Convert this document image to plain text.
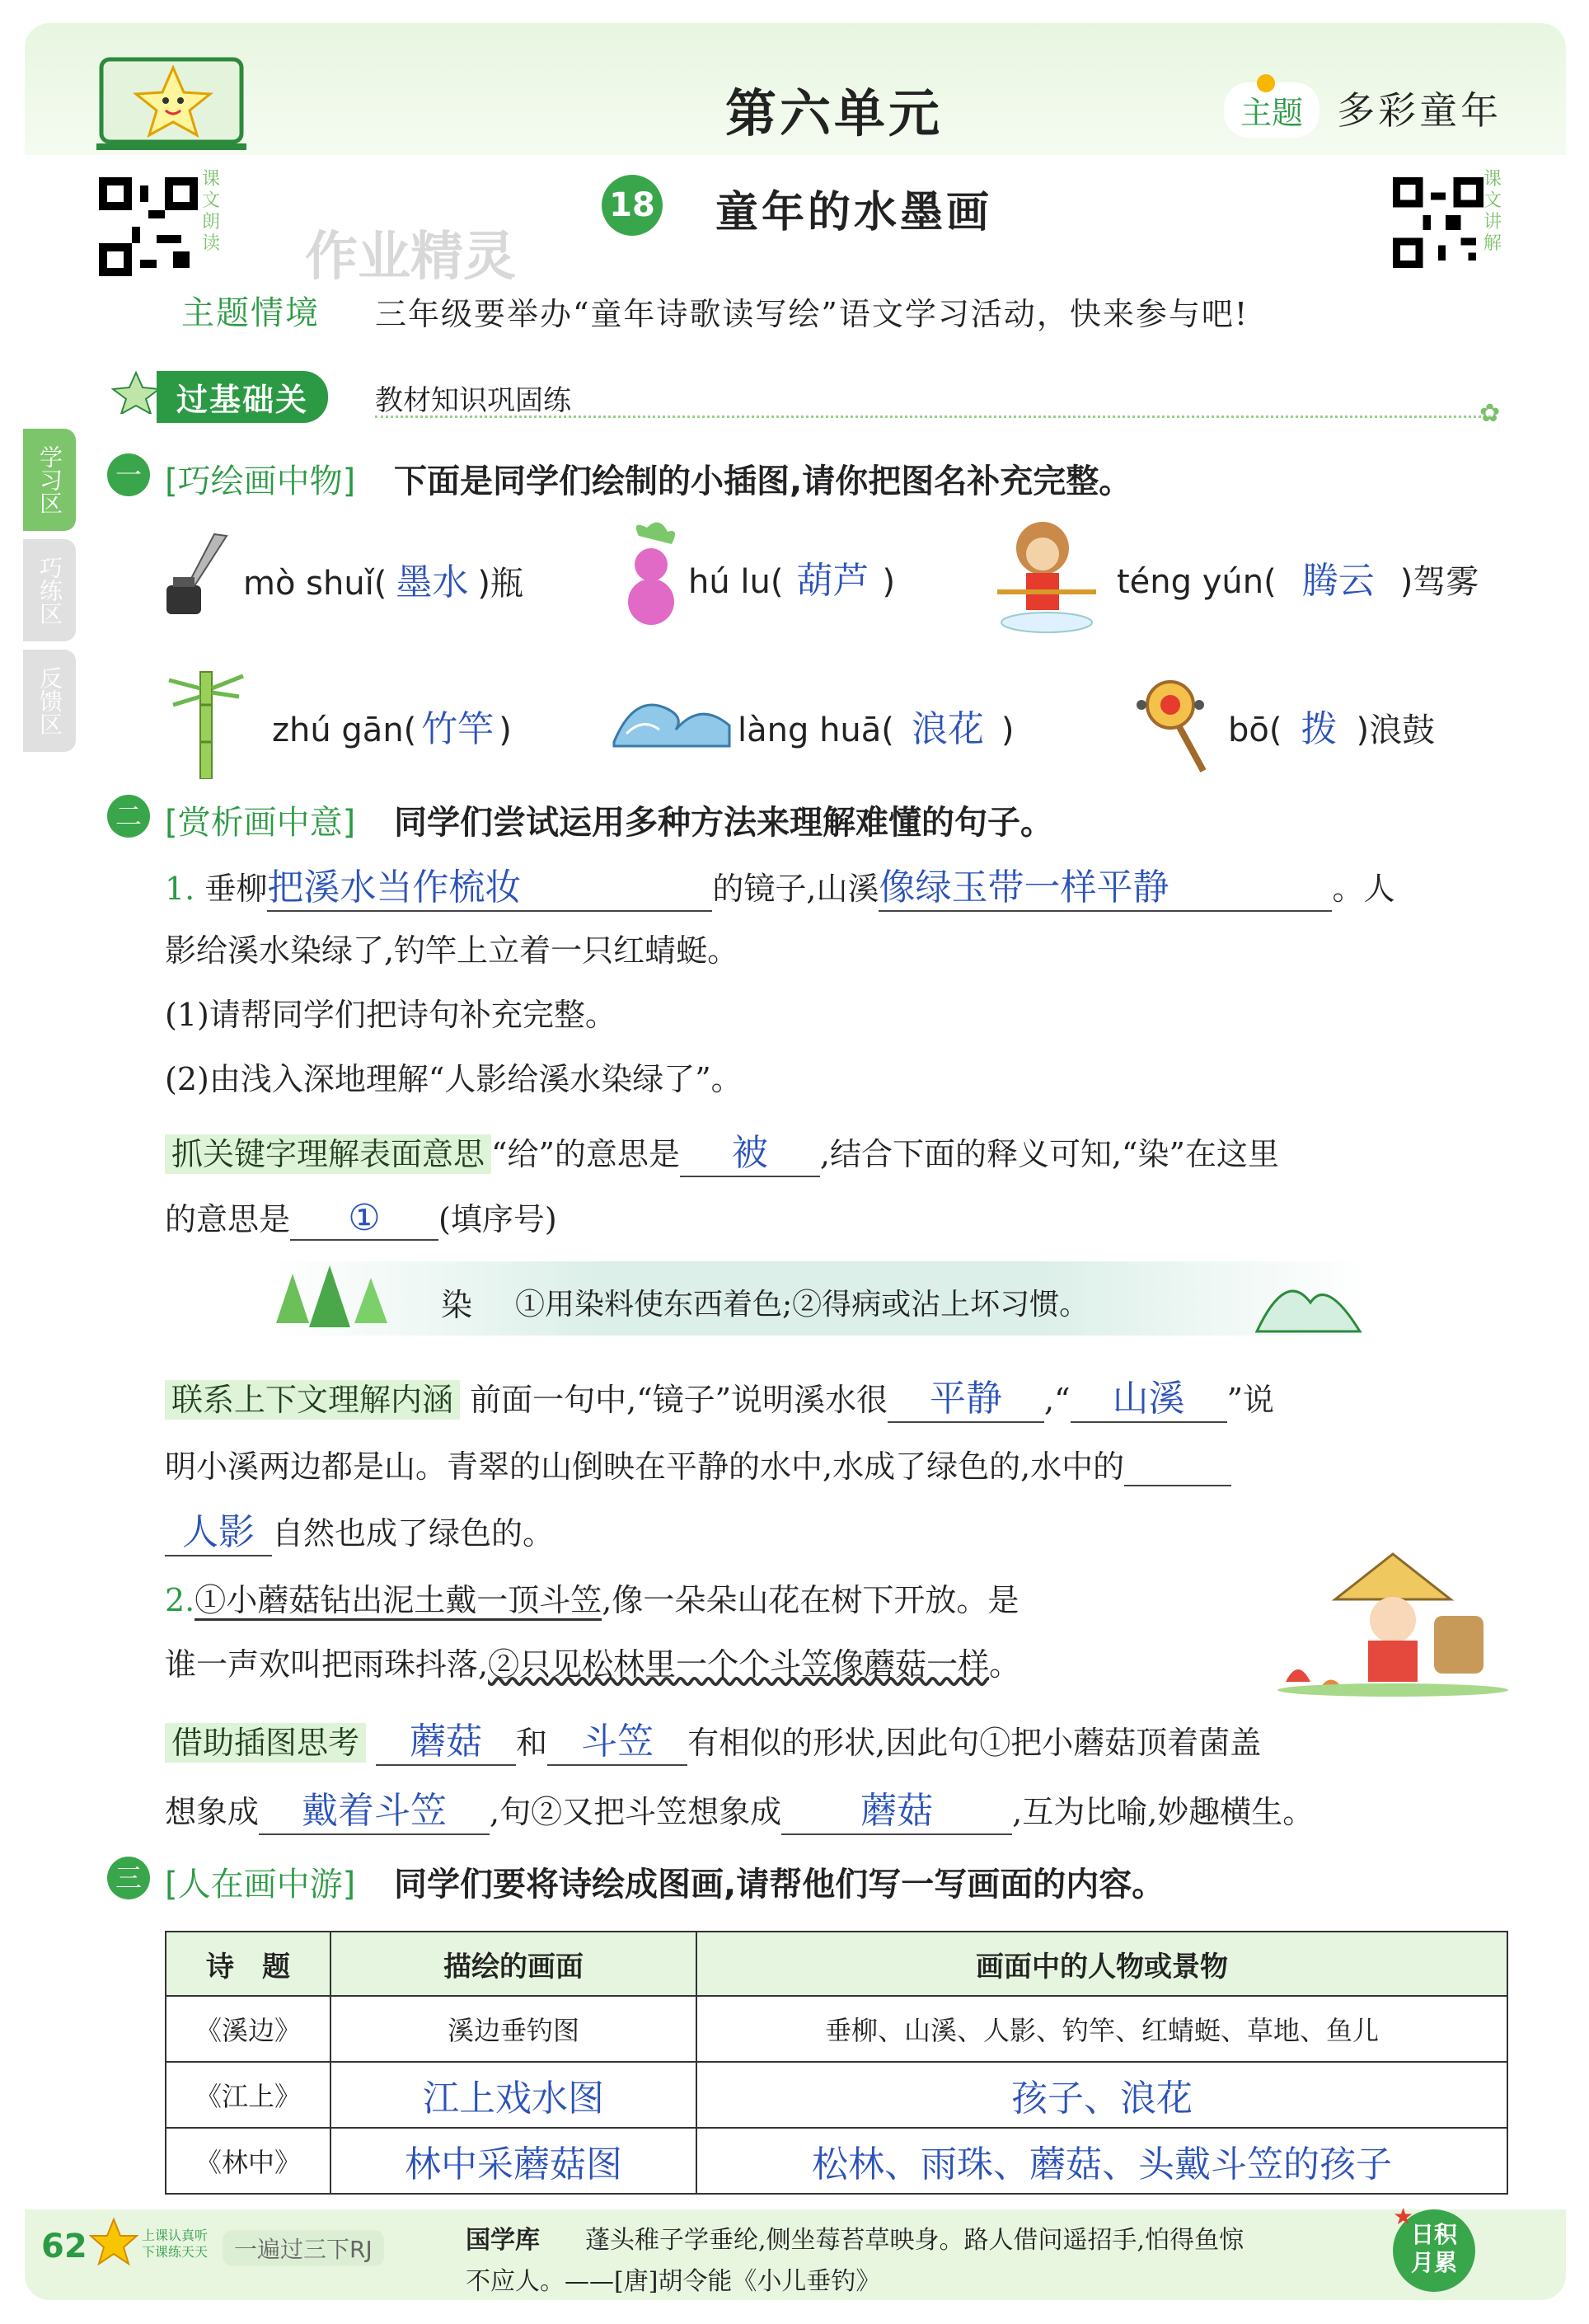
第六单元	主题 多彩童年
课文朗读
课文讲解
作业精灵
18 童年的水墨画
主题情境 三年级要举办“童年诗歌读写绘”语文学习活动，快来参与吧!
过基础关	教材知识巩固练	✿
学习区
巧练区
反馈区
一 [巧绘画中物] 下面是同学们绘制的小插图,请你把图名补充完整。
mò shuǐ( 墨水 )瓶	hú lu( 葫芦 )	téng yún( 腾云 )驾雾
zhú gān( 竹竿 )	làng huā( 浪花 )	bō( 拨 )浪鼓
二 [赏析画中意] 同学们尝试运用多种方法来理解难懂的句子。
1. 垂柳把溪水当作梳妆	的镜子,山溪像绿玉带一样平静	。人
影给溪水染绿了,钓竿上立着一只红蜻蜓。
(1)请帮同学们把诗句补充完整。
(2)由浅入深地理解“人影给溪水染绿了”。
抓关键字理解表面意思 “给”的意思是 被 ,结合下面的释义可知,“染”在这里
的意思是 ① (填序号)
染 ①用染料使东西着色;②得病或沾上坏习惯。
联系上下文理解内涵 前面一句中,“镜子”说明溪水很 平静 ,“ 山溪 ”说
明小溪两边都是山。青翠的山倒映在平静的水中,水成了绿色的,水中的
人影 自然也成了绿色的。
2.①小蘑菇钻出泥土戴一顶斗笠,像一朵朵山花在树下开放。是
谁一声欢叫把雨珠抖落,②只见松林里一个个斗笠像蘑菇一样。
借助插图思考 蘑菇 和 斗笠 有相似的形状,因此句①把小蘑菇顶着菌盖
想象成 戴着斗笠 ,句②又把斗笠想象成 蘑菇	,互为比喻,妙趣横生。
三 [人在画中游] 同学们要将诗绘成图画,请帮他们写一写画面的内容。
诗　题	描绘的画面	画面中的人物或景物
《溪边》	溪边垂钓图	垂柳、山溪、人影、钓竿、红蜻蜓、草地、鱼儿
《江上》	江上戏水图	孩子、浪花
《林中》	林中采蘑菇图	松林、雨珠、蘑菇、头戴斗笠的孩子
62	上课认真听
下课练天天	一遍过三下RJ	国学库 蓬头稚子学垂纶,侧坐莓苔草映身。路人借问遥招手,怕得鱼惊
不应人。——[唐]胡令能《小儿垂钓》
日积
月累
★
